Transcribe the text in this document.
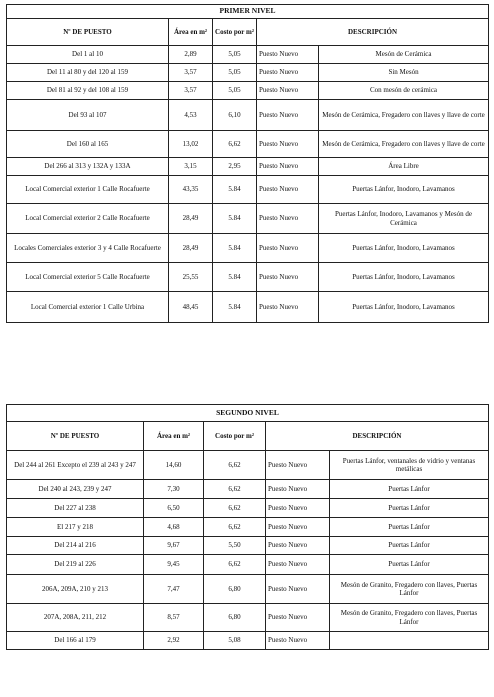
PRIMER NIVEL				
Nº DE PUESTO	Área en m²	Costo por m²	DESCRIPCIÓN	
Del 1 al 10	2,89	5,05	Puesto Nuevo	Mesón de Cerámica
Del 11 al 80 y del 120 al 159	3,57	5,05	Puesto Nuevo	Sin Mesón
Del 81 al 92 y del 108 al 159	3,57	5,05	Puesto Nuevo	Con mesón de cerámica
Del 93 al 107	4,53	6,10	Puesto Nuevo	Mesón de Cerámica, Fregadero con llaves y llave de corte
Del 160 al 165	13,02	6,62	Puesto Nuevo	Mesón de Cerámica, Fregadero con llaves y llave de corte
Del 266 al 313 y 132A y 133A	3,15	2,95	Puesto Nuevo	Área Libre
Local Comercial exterior 1 Calle Rocafuerte	43,35	5.84	Puesto Nuevo	Puertas Lánfor, Inodoro, Lavamanos
Local Comercial exterior 2 Calle Rocafuerte	28,49	5.84	Puesto Nuevo	Puertas Lánfor, Inodoro, Lavamanos y Mesón de Cerámica
Locales Comerciales exterior 3 y 4 Calle Rocafuerte	28,49	5.84	Puesto Nuevo	Puertas Lánfor, Inodoro, Lavamanos
Local Comercial exterior 5 Calle Rocafuerte	25,55	5.84	Puesto Nuevo	Puertas Lánfor, Inodoro, Lavamanos
Local Comercial exterior 1 Calle Urbina	48,45	5.84	Puesto Nuevo	Puertas Lánfor, Inodoro, Lavamanos
SEGUNDO NIVEL				
Nº DE PUESTO	Área en m²	Costo por m²	DESCRIPCIÓN	
Del 244 al 261 Excepto el 239 al 243 y 247	14,60	6,62	Puesto Nuevo	Puertas Lánfor, ventanales de vidrio y ventanas metálicas
Del 240 al 243, 239 y 247	7,30	6,62	Puesto Nuevo	Puertas Lánfor
Del 227 al 238	6,50	6,62	Puesto Nuevo	Puertas Lánfor
El 217 y 218	4,68	6,62	Puesto Nuevo	Puertas Lánfor
Del 214 al 216	9,67	5,50	Puesto Nuevo	Puertas Lánfor
Del 219 al 226	9,45	6,62	Puesto Nuevo	Puertas Lánfor
206A, 209A, 210 y 213	7,47	6,80	Puesto Nuevo	Mesón de Granito, Fregadero con llaves, Puertas Lánfor
207A, 208A, 211, 212	8,57	6,80	Puesto Nuevo	Mesón de Granito, Fregadero con llaves, Puertas Lánfor
Del 166 al 179	2,92	5,08	Puesto Nuevo	
